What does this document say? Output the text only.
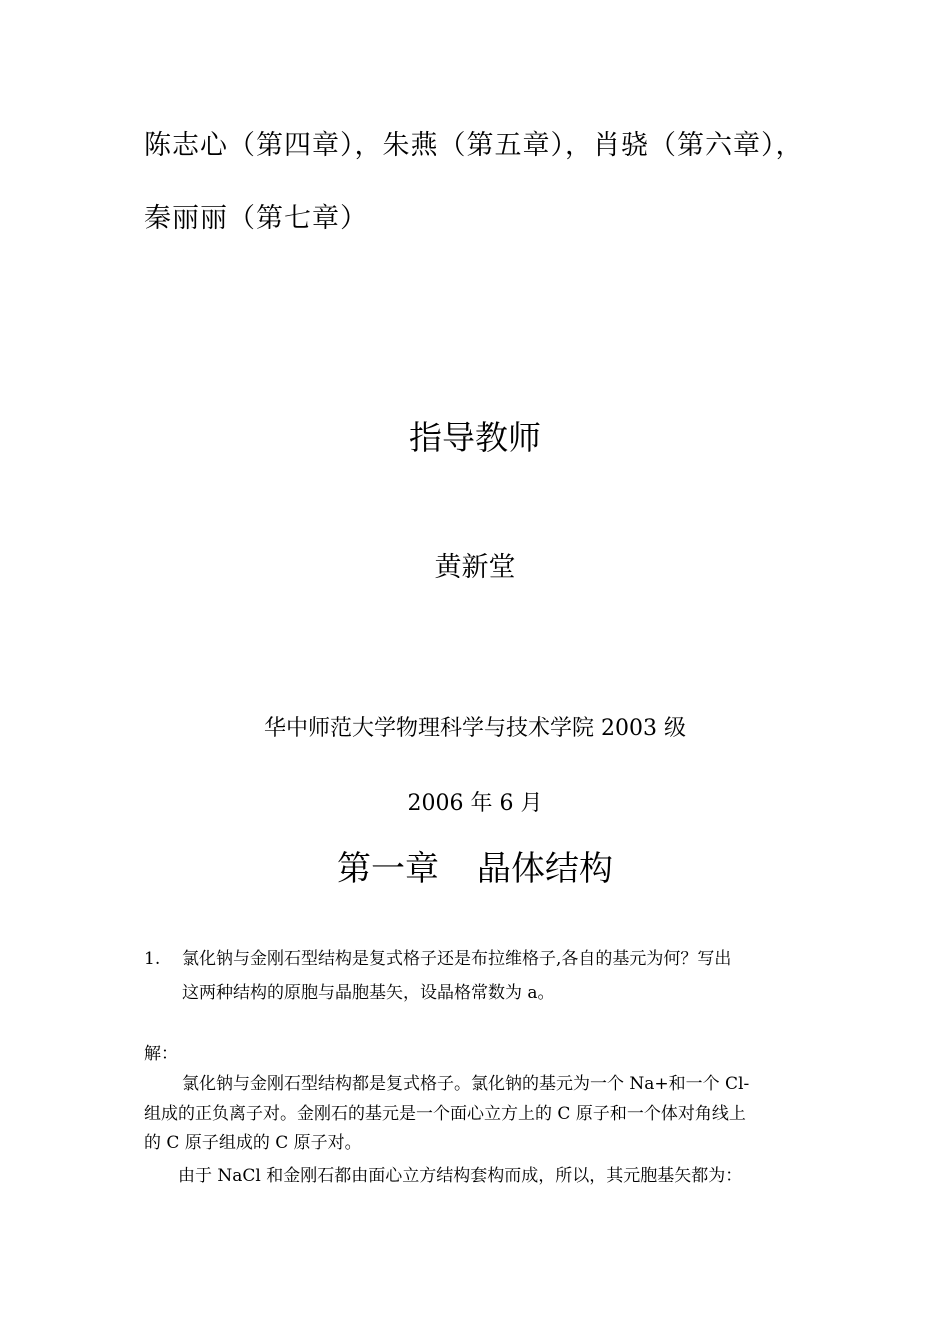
陈志心（第四章），朱燕（第五章），肖骁（第六章），
秦丽丽（第七章）
指导教师
黄新堂
华中师范大学物理科学与技术学院 2003 级
2006 年 6 月
第一章 晶体结构
1. 氯化钠与金刚石型结构是复式格子还是布拉维格子,各自的基元为何？写出
这两种结构的原胞与晶胞基矢，设晶格常数为 a。
解：
氯化钠与金刚石型结构都是复式格子。氯化钠的基元为一个 Na+和一个 Cl-
组成的正负离子对。金刚石的基元是一个面心立方上的 C 原子和一个体对角线上
的 C 原子组成的 C 原子对。
由于 NaCl 和金刚石都由面心立方结构套构而成，所以，其元胞基矢都为：
